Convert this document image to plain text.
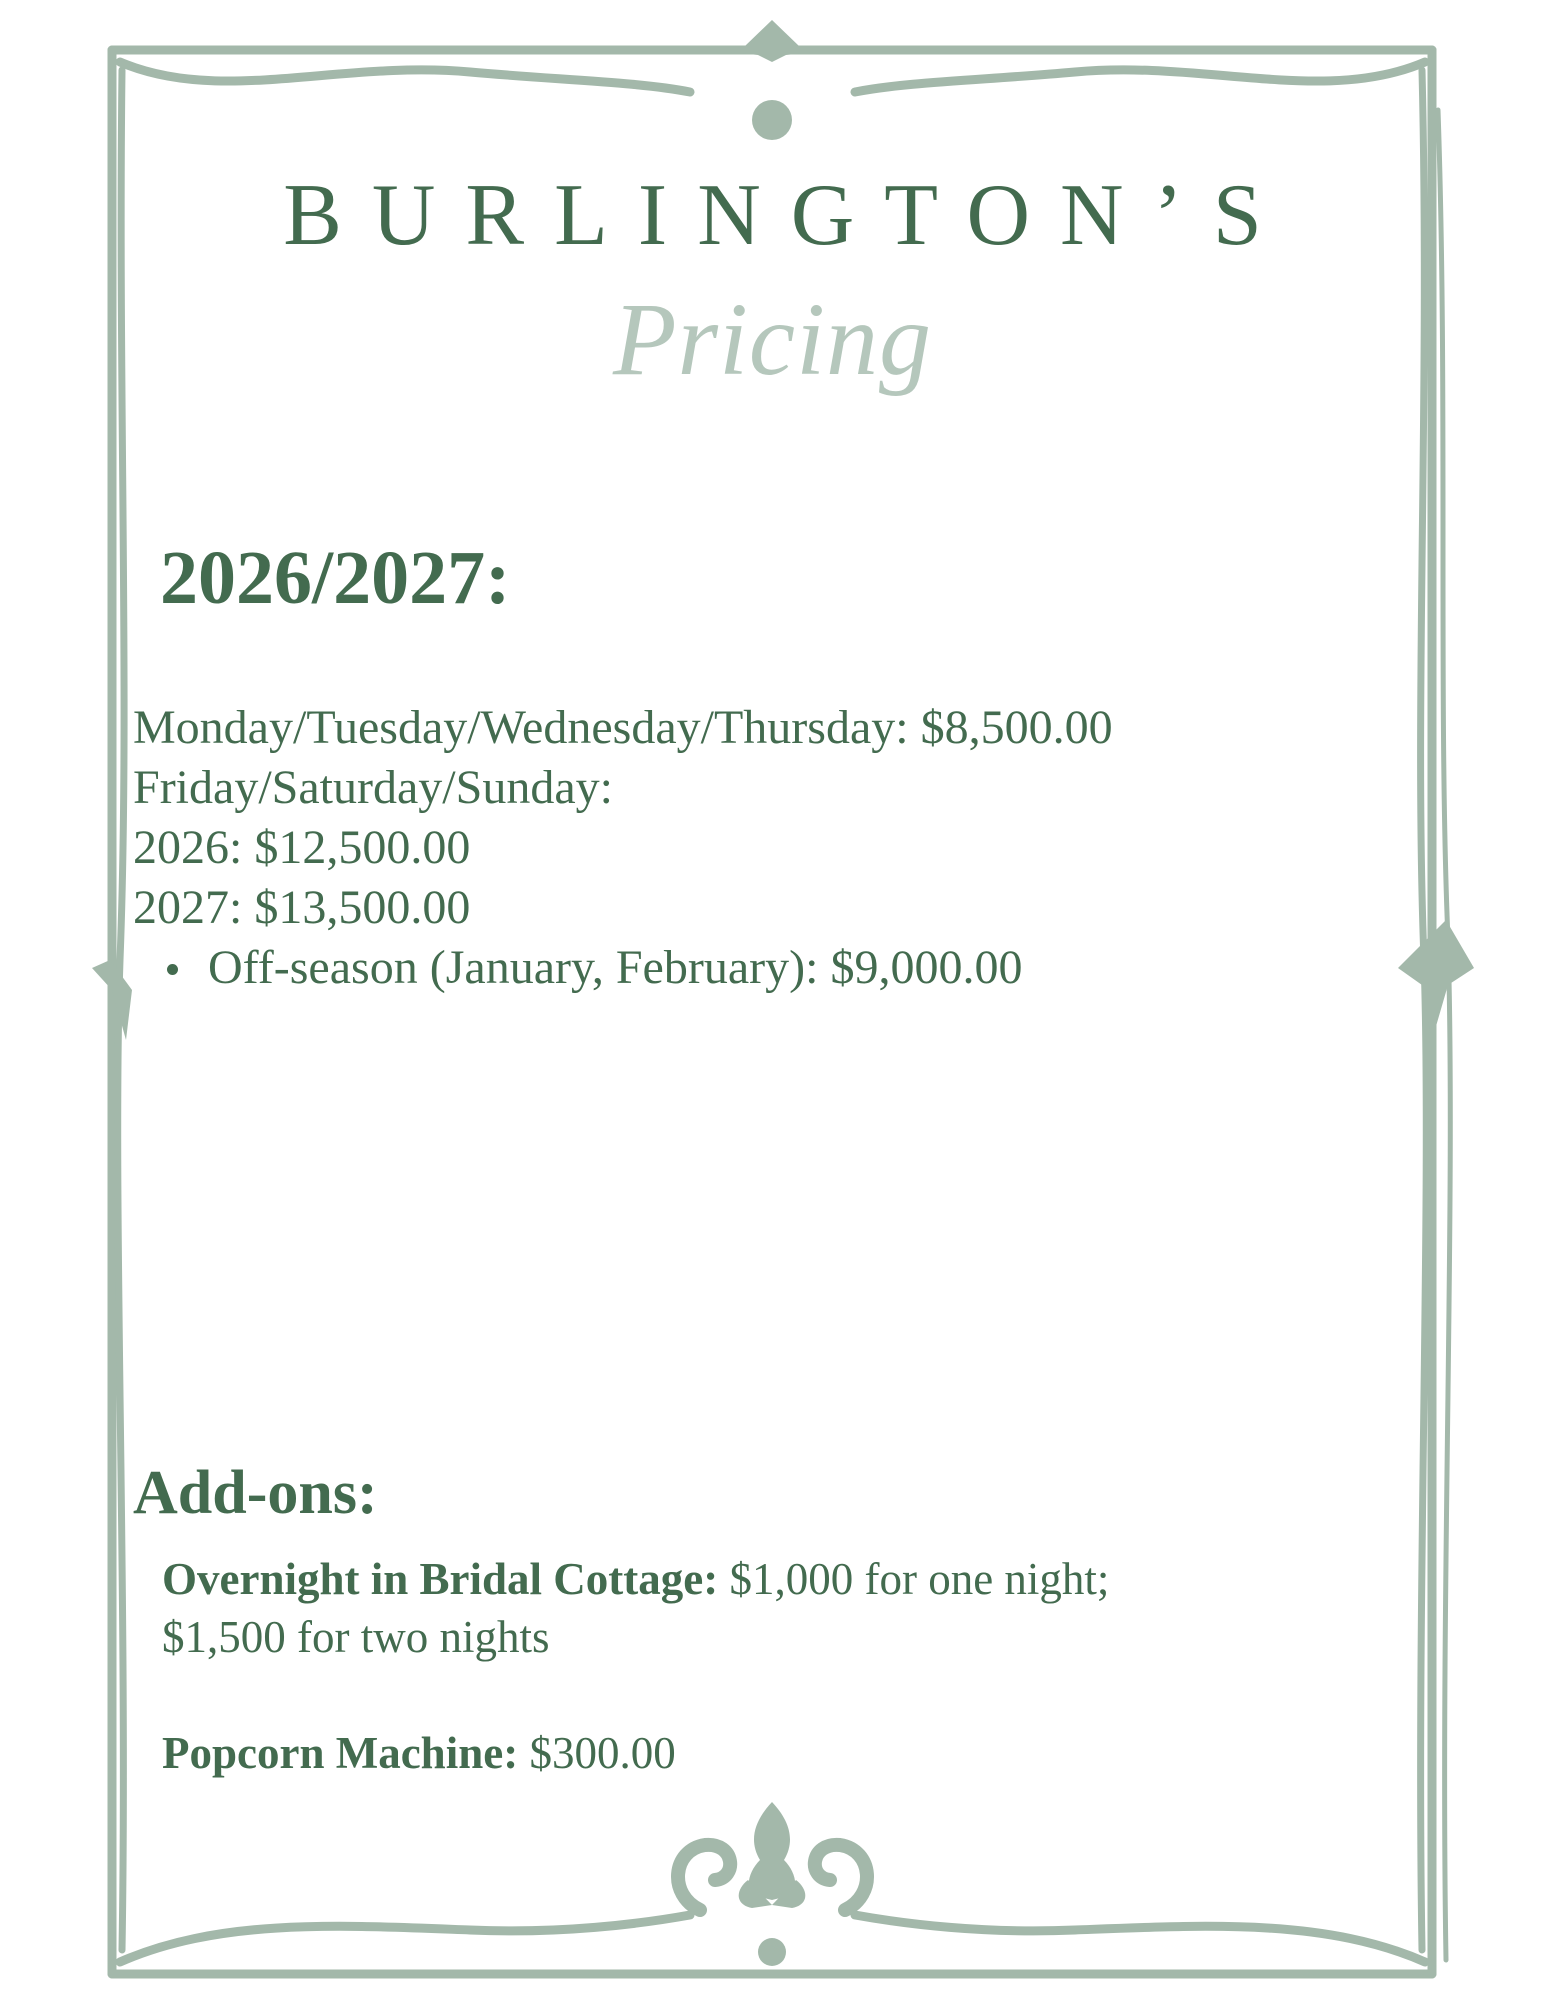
BURLINGTON’S
Pricing
2026/2027:
Monday/Tuesday/Wednesday/Thursday: $8,500.00
Friday/Saturday/Sunday:
2026: $12,500.00
2027: $13,500.00
Off-season (January, February): $9,000.00
Add-ons:
Overnight in Bridal Cottage: $1,000 for one night;
$1,500 for two nights
Popcorn Machine: $300.00
